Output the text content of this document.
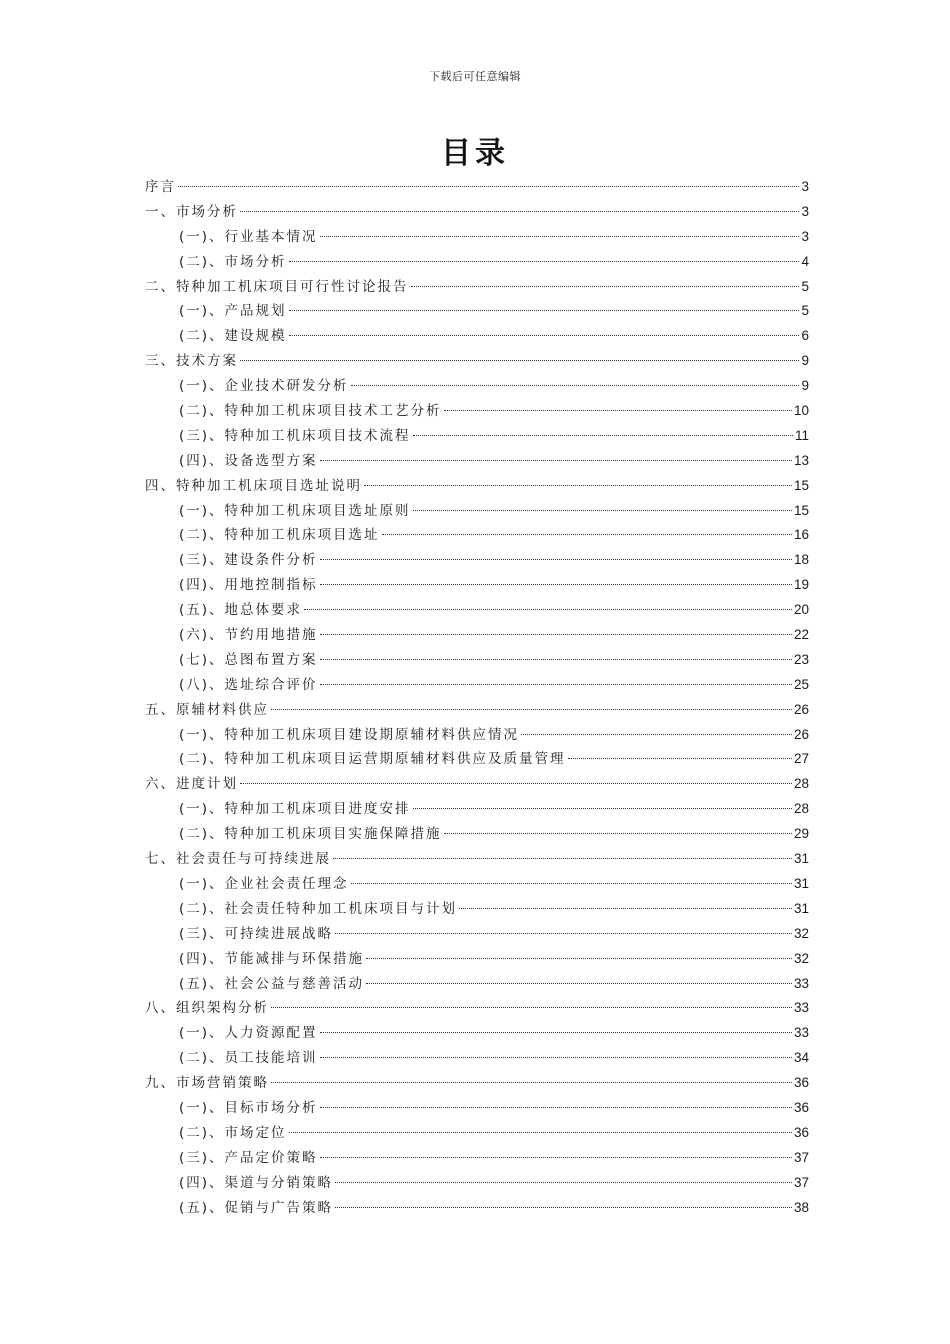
下载后可任意编辑
目录
序言	3
一、市场分析	3
(一)、行业基本情况	3
(二)、市场分析	4
二、特种加工机床项目可行性讨论报告	5
(一)、产品规划	5
(二)、建设规模	6
三、技术方案	9
(一)、企业技术研发分析	9
(二)、特种加工机床项目技术工艺分析	10
(三)、特种加工机床项目技术流程	11
(四)、设备选型方案	13
四、特种加工机床项目选址说明	15
(一)、特种加工机床项目选址原则	15
(二)、特种加工机床项目选址	16
(三)、建设条件分析	18
(四)、用地控制指标	19
(五)、地总体要求	20
(六)、节约用地措施	22
(七)、总图布置方案	23
(八)、选址综合评价	25
五、原辅材料供应	26
(一)、特种加工机床项目建设期原辅材料供应情况	26
(二)、特种加工机床项目运营期原辅材料供应及质量管理	27
六、进度计划	28
(一)、特种加工机床项目进度安排	28
(二)、特种加工机床项目实施保障措施	29
七、社会责任与可持续进展	31
(一)、企业社会责任理念	31
(二)、社会责任特种加工机床项目与计划	31
(三)、可持续进展战略	32
(四)、节能减排与环保措施	32
(五)、社会公益与慈善活动	33
八、组织架构分析	33
(一)、人力资源配置	33
(二)、员工技能培训	34
九、市场营销策略	36
(一)、目标市场分析	36
(二)、市场定位	36
(三)、产品定价策略	37
(四)、渠道与分销策略	37
(五)、促销与广告策略	38
